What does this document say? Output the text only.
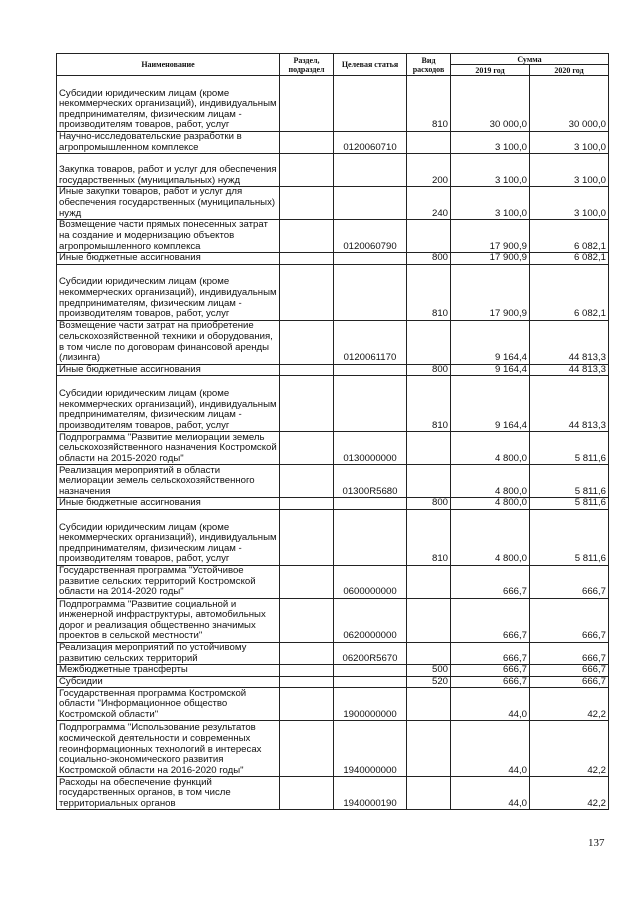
Наименование	Раздел, подраздел	Целевая статья	Вид расходов	Сумма	
				2019 год	2020 год
Субсидии юридическим лицам (кроме некоммерческих организаций), индивидуальным предпринимателям, физическим лицам - производителям товаров, работ, услуг			810	30 000,0	30 000,0
Научно-исследовательские разработки в агропромышленном комплексе		0120060710		3 100,0	3 100,0
Закупка товаров, работ и услуг для обеспечения государственных (муниципальных) нужд			200	3 100,0	3 100,0
Иные закупки товаров, работ и услуг для обеспечения государственных (муниципальных) нужд			240	3 100,0	3 100,0
Возмещение части прямых понесенных затрат на создание и модернизацию объектов агропромышленного комплекса		0120060790		17 900,9	6 082,1
Иные бюджетные ассигнования			800	17 900,9	6 082,1
Субсидии юридическим лицам (кроме некоммерческих организаций), индивидуальным предпринимателям, физическим лицам - производителям товаров, работ, услуг			810	17 900,9	6 082,1
Возмещение части затрат на приобретение сельскохозяйственной техники и оборудования, в том числе по договорам финансовой аренды (лизинга)		0120061170		9 164,4	44 813,3
Иные бюджетные ассигнования			800	9 164,4	44 813,3
Субсидии юридическим лицам (кроме некоммерческих организаций), индивидуальным предпринимателям, физическим лицам - производителям товаров, работ, услуг			810	9 164,4	44 813,3
Подпрограмма "Развитие мелиорации земель сельскохозяйственного назначения Костромской области на 2015-2020 годы"		0130000000		4 800,0	5 811,6
Реализация мероприятий в области мелиорации земель сельскохозяйственного назначения		01300R5680		4 800,0	5 811,6
Иные бюджетные ассигнования			800	4 800,0	5 811,6
Субсидии юридическим лицам (кроме некоммерческих организаций), индивидуальным предпринимателям, физическим лицам - производителям товаров, работ, услуг			810	4 800,0	5 811,6
Государственная программа "Устойчивое развитие сельских территорий Костромской области на 2014-2020 годы"		0600000000		666,7	666,7
Подпрограмма "Развитие социальной и инженерной инфраструктуры, автомобильных дорог и реализация общественно значимых проектов в сельской местности"		0620000000		666,7	666,7
Реализация мероприятий по устойчивому развитию сельских территорий		06200R5670		666,7	666,7
Межбюджетные трансферты			500	666,7	666,7
Субсидии			520	666,7	666,7
Государственная программа Костромской области "Информационное общество Костромской области"		1900000000		44,0	42,2
Подпрограмма "Использование результатов космической деятельности и современных геоинформационных технологий в интересах социально-экономического развития Костромской области на 2016-2020 годы"		1940000000		44,0	42,2
Расходы на обеспечение функций государственных органов, в том числе территориальных органов		1940000190		44,0	42,2
137
